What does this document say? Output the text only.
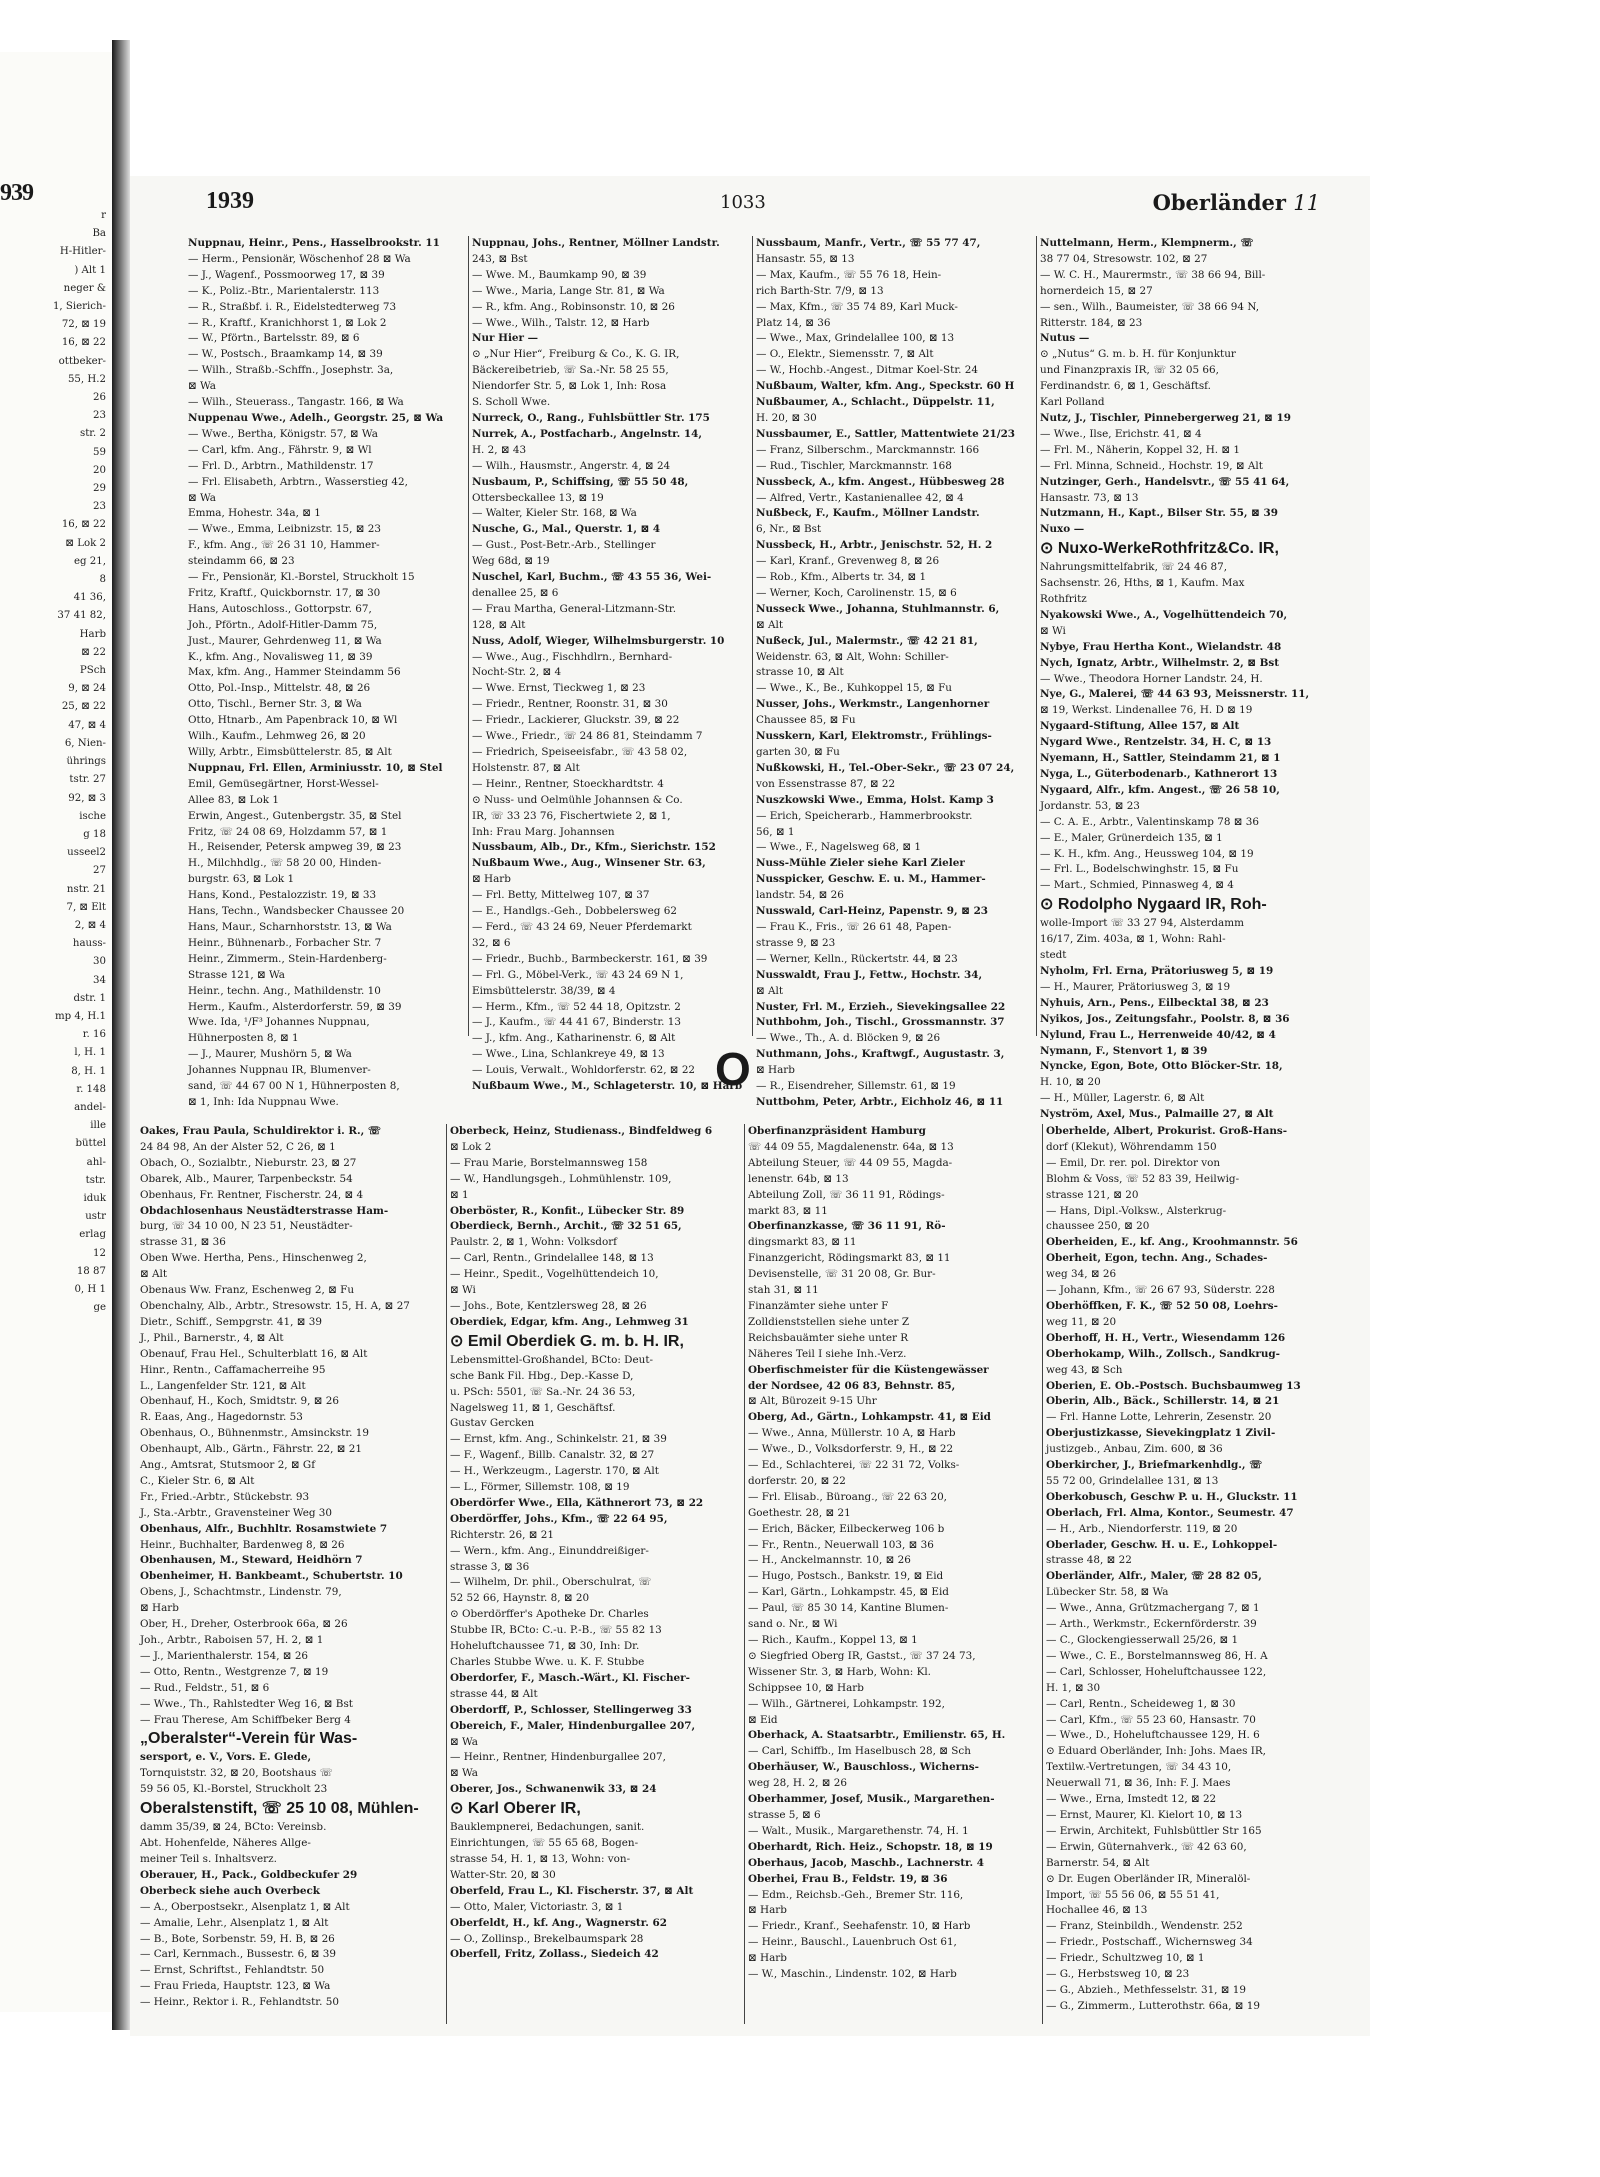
939
r
Ba
H-Hitler-
) Alt 1
neger &
1, Sierich-
72, ⊠ 19
16, ⊠ 22
ottbeker-
55, H.2
26
23
str. 2
59
20
29
23
16, ⊠ 22
⊠ Lok 2
eg 21,
8
41 36,
37 41 82,
Harb
⊠ 22
PSch
9, ⊠ 24
25, ⊠ 22
47, ⊠ 4
6, Nien-
ührings
tstr. 27
92, ⊠ 3
ische
g 18
usseel2
27
nstr. 21
7, ⊠ Elt
2, ⊠ 4
hauss-
30
34
dstr. 1
mp 4, H.1
r. 16
l, H. 1
8, H. 1
r. 148
andel-
ille
büttel
ahl-
tstr.
iduk
ustr
erlag
12
18 87
0, H 1
ge
1939	1033	Oberländer 11
Nuppnau, Heinr., Pens., Hasselbrookstr. 11
— Herm., Pensionär, Wöschenhof 28 ⊠ Wa
— J., Wagenf., Possmoorweg 17, ⊠ 39
— K., Poliz.-Btr., Marientalerstr. 113
— R., Straßbf. i. R., Eidelstedterweg 73
— R., Kraftf., Kranichhorst 1, ⊠ Lok 2
— W., Pförtn., Bartelsstr. 89, ⊠ 6
— W., Postsch., Braamkamp 14, ⊠ 39
— Wilh., Straßb.-Schffn., Josephstr. 3a,
⊠ Wa
— Wilh., Steuerass., Tangastr. 166, ⊠ Wa
Nuppenau Wwe., Adelh., Georgstr. 25, ⊠ Wa
— Wwe., Bertha, Königstr. 57, ⊠ Wa
— Carl, kfm. Ang., Fährstr. 9, ⊠ Wl
— Frl. D., Arbtrn., Mathildenstr. 17
— Frl. Elisabeth, Arbtrn., Wasserstieg 42,
⊠ Wa
Emma, Hohestr. 34a, ⊠ 1
— Wwe., Emma, Leibnizstr. 15, ⊠ 23
F., kfm. Ang., ☏ 26 31 10, Hammer-
steindamm 66, ⊠ 23
— Fr., Pensionär, Kl.-Borstel, Struckholt 15
Fritz, Kraftf., Quickbornstr. 17, ⊠ 30
Hans, Autoschloss., Gottorpstr. 67,
Joh., Pförtn., Adolf-Hitler-Damm 75,
Just., Maurer, Gehrdenweg 11, ⊠ Wa
K., kfm. Ang., Novalisweg 11, ⊠ 39
Max, kfm. Ang., Hammer Steindamm 56
Otto, Pol.-Insp., Mittelstr. 48, ⊠ 26
Otto, Tischl., Berner Str. 3, ⊠ Wa
Otto, Htnarb., Am Papenbrack 10, ⊠ Wl
Wilh., Kaufm., Lehmweg 26, ⊠ 20
Willy, Arbtr., Eimsbüttelerstr. 85, ⊠ Alt
Nuppnau, Frl. Ellen, Arminiusstr. 10, ⊠ Stel
Emil, Gemüsegärtner, Horst-Wessel-
Allee 83, ⊠ Lok 1
Erwin, Angest., Gutenbergstr. 35, ⊠ Stel
Fritz, ☏ 24 08 69, Holzdamm 57, ⊠ 1
H., Reisender, Petersk ampweg 39, ⊠ 23
H., Milchhdlg., ☏ 58 20 00, Hinden-
burgstr. 63, ⊠ Lok 1
Hans, Kond., Pestalozzistr. 19, ⊠ 33
Hans, Techn., Wandsbecker Chaussee 20
Hans, Maur., Scharnhorststr. 13, ⊠ Wa
Heinr., Bühnenarb., Forbacher Str. 7
Heinr., Zimmerm., Stein-Hardenberg-
Strasse 121, ⊠ Wa
Heinr., techn. Ang., Mathildenstr. 10
Herm., Kaufm., Alsterdorferstr. 59, ⊠ 39
Wwe. Ida, ¹/F³ Johannes Nuppnau,
Hühnerposten 8, ⊠ 1
— J., Maurer, Mushörn 5, ⊠ Wa
Johannes Nuppnau IR, Blumenver-
sand, ☏ 44 67 00 N 1, Hühnerposten 8,
⊠ 1, Inh: Ida Nuppnau Wwe.
Nuppnau, Johs., Rentner, Möllner Landstr.
243, ⊠ Bst
— Wwe. M., Baumkamp 90, ⊠ 39
— Wwe., Maria, Lange Str. 81, ⊠ Wa
— R., kfm. Ang., Robinsonstr. 10, ⊠ 26
— Wwe., Wilh., Talstr. 12, ⊠ Harb
Nur Hier —
⊙ „Nur Hier“, Freiburg & Co., K. G. IR,
Bäckereibetrieb, ☏ Sa.-Nr. 58 25 55,
Niendorfer Str. 5, ⊠ Lok 1, Inh: Rosa
S. Scholl Wwe.
Nurreck, O., Rang., Fuhlsbüttler Str. 175
Nurrek, A., Postfacharb., Angelnstr. 14,
H. 2, ⊠ 43
— Wilh., Hausmstr., Angerstr. 4, ⊠ 24
Nusbaum, P., Schiffsing, ☏ 55 50 48,
Ottersbeckallee 13, ⊠ 19
— Walter, Kieler Str. 168, ⊠ Wa
Nusche, G., Mal., Querstr. 1, ⊠ 4
— Gust., Post-Betr.-Arb., Stellinger
Weg 68d, ⊠ 19
Nuschel, Karl, Buchm., ☏ 43 55 36, Wei-
denallee 25, ⊠ 6
— Frau Martha, General-Litzmann-Str.
128, ⊠ Alt
Nuss, Adolf, Wieger, Wilhelmsburgerstr. 10
— Wwe., Aug., Fischhdlrn., Bernhard-
Nocht-Str. 2, ⊠ 4
— Wwe. Ernst, Tieckweg 1, ⊠ 23
— Friedr., Rentner, Roonstr. 31, ⊠ 30
— Friedr., Lackierer, Gluckstr. 39, ⊠ 22
— Wwe., Friedr., ☏ 24 86 81, Steindamm 7
— Friedrich, Speiseeisfabr., ☏ 43 58 02,
Holstenstr. 87, ⊠ Alt
— Heinr., Rentner, Stoeckhardtstr. 4
⊙ Nuss- und Oelmühle Johannsen & Co.
IR, ☏ 33 23 76, Fischertwiete 2, ⊠ 1,
Inh: Frau Marg. Johannsen
Nussbaum, Alb., Dr., Kfm., Sierichstr. 152
Nußbaum Wwe., Aug., Winsener Str. 63,
⊠ Harb
— Frl. Betty, Mittelweg 107, ⊠ 37
— E., Handlgs.-Geh., Dobbelersweg 62
— Ferd., ☏ 43 24 69, Neuer Pferdemarkt
32, ⊠ 6
— Friedr., Buchb., Barmbeckerstr. 161, ⊠ 39
— Frl. G., Möbel-Verk., ☏ 43 24 69 N 1,
Eimsbüttelerstr. 38/39, ⊠ 4
— Herm., Kfm., ☏ 52 44 18, Opitzstr. 2
— J., Kaufm., ☏ 44 41 67, Binderstr. 13
— J., kfm. Ang., Katharinenstr. 6, ⊠ Alt
— Wwe., Lina, Schlankreye 49, ⊠ 13
— Louis, Verwalt., Wohldorferstr. 62, ⊠ 22
Nußbaum Wwe., M., Schlageterstr. 10, ⊠ Harb
Nussbaum, Manfr., Vertr., ☏ 55 77 47,
Hansastr. 55, ⊠ 13
— Max, Kaufm., ☏ 55 76 18, Hein-
rich Barth-Str. 7/9, ⊠ 13
— Max, Kfm., ☏ 35 74 89, Karl Muck-
Platz 14, ⊠ 36
— Wwe., Max, Grindelallee 100, ⊠ 13
— O., Elektr., Siemensstr. 7, ⊠ Alt
— W., Hochb.-Angest., Ditmar Koel-Str. 24
Nußbaum, Walter, kfm. Ang., Speckstr. 60 H
Nußbaumer, A., Schlacht., Düppelstr. 11,
H. 20, ⊠ 30
Nussbaumer, E., Sattler, Mattentwiete 21/23
— Franz, Silberschm., Marckmannstr. 166
— Rud., Tischler, Marckmannstr. 168
Nussbeck, A., kfm. Angest., Hübbesweg 28
— Alfred, Vertr., Kastanienallee 42, ⊠ 4
Nußbeck, F., Kaufm., Möllner Landstr.
6, Nr., ⊠ Bst
Nussbeck, H., Arbtr., Jenischstr. 52, H. 2
— Karl, Kranf., Grevenweg 8, ⊠ 26
— Rob., Kfm., Alberts tr. 34, ⊠ 1
— Werner, Koch, Carolinenstr. 15, ⊠ 6
Nusseck Wwe., Johanna, Stuhlmannstr. 6,
⊠ Alt
Nußeck, Jul., Malermstr., ☏ 42 21 81,
Weidenstr. 63, ⊠ Alt, Wohn: Schiller-
strasse 10, ⊠ Alt
— Wwe., K., Be., Kuhkoppel 15, ⊠ Fu
Nusser, Johs., Werkmstr., Langenhorner
Chaussee 85, ⊠ Fu
Nusskern, Karl, Elektromstr., Frühlings-
garten 30, ⊠ Fu
Nußkowski, H., Tel.-Ober-Sekr., ☏ 23 07 24,
von Essenstrasse 87, ⊠ 22
Nuszkowski Wwe., Emma, Holst. Kamp 3
— Erich, Speicherarb., Hammerbrookstr.
56, ⊠ 1
— Wwe., F., Nagelsweg 68, ⊠ 1
Nuss-Mühle Zieler siehe Karl Zieler
Nusspicker, Geschw. E. u. M., Hammer-
landstr. 54, ⊠ 26
Nusswald, Carl-Heinz, Papenstr. 9, ⊠ 23
— Frau K., Fris., ☏ 26 61 48, Papen-
strasse 9, ⊠ 23
— Werner, Kelln., Rückertstr. 44, ⊠ 23
Nusswaldt, Frau J., Fettw., Hochstr. 34,
⊠ Alt
Nuster, Frl. M., Erzieh., Sievekingsallee 22
Nuthbohm, Joh., Tischl., Grossmannstr. 37
— Wwe., Th., A. d. Blöcken 9, ⊠ 26
Nuthmann, Johs., Kraftwgf., Augustastr. 3,
⊠ Harb
— R., Eisendreher, Sillemstr. 61, ⊠ 19
Nuttbohm, Peter, Arbtr., Eichholz 46, ⊠ 11
Nuttelmann, Herm., Klempnerm., ☏
38 77 04, Stresowstr. 102, ⊠ 27
— W. C. H., Maurermstr., ☏ 38 66 94, Bill-
hornerdeich 15, ⊠ 27
— sen., Wilh., Baumeister, ☏ 38 66 94 N,
Ritterstr. 184, ⊠ 23
Nutus —
⊙ „Nutus“ G. m. b. H. für Konjunktur
und Finanzpraxis IR, ☏ 32 05 66,
Ferdinandstr. 6, ⊠ 1, Geschäftsf.
Karl Polland
Nutz, J., Tischler, Pinnebergerweg 21, ⊠ 19
— Wwe., Ilse, Erichstr. 41, ⊠ 4
— Frl. M., Näherin, Koppel 32, H. ⊠ 1
— Frl. Minna, Schneid., Hochstr. 19, ⊠ Alt
Nutzinger, Gerh., Handelsvtr., ☏ 55 41 64,
Hansastr. 73, ⊠ 13
Nutzmann, H., Kapt., Bilser Str. 55, ⊠ 39
Nuxo —
⊙ Nuxo-WerkeRothfritz&Co. IR,
Nahrungsmittelfabrik, ☏ 24 46 87,
Sachsenstr. 26, Hths, ⊠ 1, Kaufm. Max
Rothfritz
Nyakowski Wwe., A., Vogelhüttendeich 70,
⊠ Wi
Nybye, Frau Hertha Kont., Wielandstr. 48
Nych, Ignatz, Arbtr., Wilhelmstr. 2, ⊠ Bst
— Wwe., Theodora Horner Landstr. 24, H.
Nye, G., Malerei, ☏ 44 63 93, Meissnerstr. 11,
⊠ 19, Werkst. Lindenallee 76, H. D ⊠ 19
Nygaard-Stiftung, Allee 157, ⊠ Alt
Nygard Wwe., Rentzelstr. 34, H. C, ⊠ 13
Nyemann, H., Sattler, Steindamm 21, ⊠ 1
Nyga, L., Güterbodenarb., Kathnerort 13
Nygaard, Alfr., kfm. Angest., ☏ 26 58 10,
Jordanstr. 53, ⊠ 23
— C. A. E., Arbtr., Valentinskamp 78 ⊠ 36
— E., Maler, Grünerdeich 135, ⊠ 1
— K. H., kfm. Ang., Heussweg 104, ⊠ 19
— Frl. L., Bodelschwinghstr. 15, ⊠ Fu
— Mart., Schmied, Pinnasweg 4, ⊠ 4
⊙ Rodolpho Nygaard IR, Roh-
wolle-Import ☏ 33 27 94, Alsterdamm
16/17, Zim. 403a, ⊠ 1, Wohn: Rahl-
stedt
Nyholm, Frl. Erna, Prätoriusweg 5, ⊠ 19
— H., Maurer, Prätoriusweg 3, ⊠ 19
Nyhuis, Arn., Pens., Eilbecktal 38, ⊠ 23
Nyikos, Jos., Zeitungsfahr., Poolstr. 8, ⊠ 36
Nylund, Frau L., Herrenweide 40/42, ⊠ 4
Nymann, F., Stenvort 1, ⊠ 39
Nyncke, Egon, Bote, Otto Blöcker-Str. 18,
H. 10, ⊠ 20
— H., Müller, Lagerstr. 6, ⊠ Alt
Nyström, Axel, Mus., Palmaille 27, ⊠ Alt
O
Oakes, Frau Paula, Schuldirektor i. R., ☏
24 84 98, An der Alster 52, C 26, ⊠ 1
Obach, O., Sozialbtr., Nieburstr. 23, ⊠ 27
Obarek, Alb., Maurer, Tarpenbeckstr. 54
Obenhaus, Fr. Rentner, Fischerstr. 24, ⊠ 4
Obdachlosenhaus Neustädterstrasse Ham-
burg, ☏ 34 10 00, N 23 51, Neustädter-
strasse 31, ⊠ 36
Oben Wwe. Hertha, Pens., Hinschenweg 2,
⊠ Alt
Obenaus Ww. Franz, Eschenweg 2, ⊠ Fu
Obenchalny, Alb., Arbtr., Stresowstr. 15, H. A, ⊠ 27
Dietr., Schiff., Sempgrstr. 41, ⊠ 39
J., Phil., Barnerstr., 4, ⊠ Alt
Obenauf, Frau Hel., Schulterblatt 16, ⊠ Alt
Hinr., Rentn., Caffamacherreihe 95
L., Langenfelder Str. 121, ⊠ Alt
Obenhauf, H., Koch, Smidtstr. 9, ⊠ 26
R. Eaas, Ang., Hagedornstr. 53
Obenhaus, O., Bühnenmstr., Amsinckstr. 19
Obenhaupt, Alb., Gärtn., Fährstr. 22, ⊠ 21
Ang., Amtsrat, Stutsmoor 2, ⊠ Gf
C., Kieler Str. 6, ⊠ Alt
Fr., Fried.-Arbtr., Stückebstr. 93
J., Sta.-Arbtr., Gravensteiner Weg 30
Obenhaus, Alfr., Buchhltr. Rosamstwiete 7
Heinr., Buchhalter, Bardenweg 8, ⊠ 26
Obenhausen, M., Steward, Heidhörn 7
Obenheimer, H. Bankbeamt., Schubertstr. 10
Obens, J., Schachtmstr., Lindenstr. 79,
⊠ Harb
Ober, H., Dreher, Osterbrook 66a, ⊠ 26
Joh., Arbtr., Raboisen 57, H. 2, ⊠ 1
— J., Marienthalerstr. 154, ⊠ 26
— Otto, Rentn., Westgrenze 7, ⊠ 19
— Rud., Feldstr., 51, ⊠ 6
— Wwe., Th., Rahlstedter Weg 16, ⊠ Bst
— Frau Therese, Am Schiffbeker Berg 4
„Oberalster“-Verein für Was-
sersport, e. V., Vors. E. Glede,
Tornquiststr. 32, ⊠ 20, Bootshaus ☏
59 56 05, Kl.-Borstel, Struckholt 23
Oberalstenstift, ☏ 25 10 08, Mühlen-
damm 35/39, ⊠ 24, BCto: Vereinsb.
Abt. Hohenfelde, Näheres Allge-
meiner Teil s. Inhaltsverz.
Oberauer, H., Pack., Goldbeckufer 29
Oberbeck siehe auch Overbeck
— A., Oberpostsekr., Alsenplatz 1, ⊠ Alt
— Amalie, Lehr., Alsenplatz 1, ⊠ Alt
— B., Bote, Sorbenstr. 59, H. B, ⊠ 26
— Carl, Kernmach., Bussestr. 6, ⊠ 39
— Ernst, Schriftst., Fehlandtstr. 50
— Frau Frieda, Hauptstr. 123, ⊠ Wa
— Heinr., Rektor i. R., Fehlandtstr. 50
Oberbeck, Heinz, Studienass., Bindfeldweg 6
⊠ Lok 2
— Frau Marie, Borstelmannsweg 158
— W., Handlungsgeh., Lohmühlenstr. 109,
⊠ 1
Oberböster, R., Konfit., Lübecker Str. 89
Oberdieck, Bernh., Archit., ☏ 32 51 65,
Paulstr. 2, ⊠ 1, Wohn: Volksdorf
— Carl, Rentn., Grindelallee 148, ⊠ 13
— Heinr., Spedit., Vogelhüttendeich 10,
⊠ Wi
— Johs., Bote, Kentzlersweg 28, ⊠ 26
Oberdiek, Edgar, kfm. Ang., Lehmweg 31
⊙ Emil Oberdiek G. m. b. H. IR,
Lebensmittel-Großhandel, BCto: Deut-
sche Bank Fil. Hbg., Dep.-Kasse D,
u. PSch: 5501, ☏ Sa.-Nr. 24 36 53,
Nagelsweg 11, ⊠ 1, Geschäftsf.
Gustav Gercken
— Ernst, kfm. Ang., Schinkelstr. 21, ⊠ 39
— F., Wagenf., Billb. Canalstr. 32, ⊠ 27
— H., Werkzeugm., Lagerstr. 170, ⊠ Alt
— L., Förmer, Sillemstr. 108, ⊠ 19
Oberdörfer Wwe., Ella, Käthnerort 73, ⊠ 22
Oberdörffer, Johs., Kfm., ☏ 22 64 95,
Richterstr. 26, ⊠ 21
— Wern., kfm. Ang., Einunddreißiger-
strasse 3, ⊠ 36
— Wilhelm, Dr. phil., Oberschulrat, ☏
52 52 66, Haynstr. 8, ⊠ 20
⊙ Oberdörffer's Apotheke Dr. Charles
Stubbe IR, BCto: C.-u. P.-B., ☏ 55 82 13
Hoheluftchaussee 71, ⊠ 30, Inh: Dr.
Charles Stubbe Wwe. u. K. F. Stubbe
Oberdorfer, F., Masch.-Wärt., Kl. Fischer-
strasse 44, ⊠ Alt
Oberdorff, P., Schlosser, Stellingerweg 33
Obereich, F., Maler, Hindenburgallee 207,
⊠ Wa
— Heinr., Rentner, Hindenburgallee 207,
⊠ Wa
Oberer, Jos., Schwanenwik 33, ⊠ 24
⊙ Karl Oberer IR,
Bauklempnerei, Bedachungen, sanit.
Einrichtungen, ☏ 55 65 68, Bogen-
strasse 54, H. 1, ⊠ 13, Wohn: von-
Watter-Str. 20, ⊠ 30
Oberfeld, Frau L., Kl. Fischerstr. 37, ⊠ Alt
— Otto, Maler, Victoriastr. 3, ⊠ 1
Oberfeldt, H., kf. Ang., Wagnerstr. 62
— O., Zollinsp., Brekelbaumspark 28
Oberfell, Fritz, Zollass., Siedeich 42
Oberfinanzpräsident Hamburg
☏ 44 09 55, Magdalenenstr. 64a, ⊠ 13
Abteilung Steuer, ☏ 44 09 55, Magda-
lenenstr. 64b, ⊠ 13
Abteilung Zoll, ☏ 36 11 91, Rödings-
markt 83, ⊠ 11
Oberfinanzkasse, ☏ 36 11 91, Rö-
dingsmarkt 83, ⊠ 11
Finanzgericht, Rödingsmarkt 83, ⊠ 11
Devisenstelle, ☏ 31 20 08, Gr. Bur-
stah 31, ⊠ 11
Finanzämter siehe unter F
Zolldienststellen siehe unter Z
Reichsbauämter siehe unter R
Näheres Teil I siehe Inh.-Verz.
Oberfischmeister für die Küstengewässer
der Nordsee, 42 06 83, Behnstr. 85,
⊠ Alt, Bürozeit 9-15 Uhr
Oberg, Ad., Gärtn., Lohkampstr. 41, ⊠ Eid
— Wwe., Anna, Müllerstr. 10 A, ⊠ Harb
— Wwe., D., Volksdorferstr. 9, H., ⊠ 22
— Ed., Schlachterei, ☏ 22 31 72, Volks-
dorferstr. 20, ⊠ 22
— Frl. Elisab., Büroang., ☏ 22 63 20,
Goethestr. 28, ⊠ 21
— Erich, Bäcker, Eilbeckerweg 106 b
— Fr., Rentn., Neuerwall 103, ⊠ 36
— H., Anckelmannstr. 10, ⊠ 26
— Hugo, Postsch., Bankstr. 19, ⊠ Eid
— Karl, Gärtn., Lohkampstr. 45, ⊠ Eid
— Paul, ☏ 85 30 14, Kantine Blumen-
sand o. Nr., ⊠ Wi
— Rich., Kaufm., Koppel 13, ⊠ 1
⊙ Siegfried Oberg IR, Gastst., ☏ 37 24 73,
Wissener Str. 3, ⊠ Harb, Wohn: Kl.
Schippsee 10, ⊠ Harb
— Wilh., Gärtnerei, Lohkampstr. 192,
⊠ Eid
Oberhack, A. Staatsarbtr., Emilienstr. 65, H.
— Carl, Schiffb., Im Haselbusch 28, ⊠ Sch
Oberhäuser, W., Bauschloss., Wicherns-
weg 28, H. 2, ⊠ 26
Oberhammer, Josef, Musik., Margarethen-
strasse 5, ⊠ 6
— Walt., Musik., Margarethenstr. 74, H. 1
Oberhardt, Rich. Heiz., Schopstr. 18, ⊠ 19
Oberhaus, Jacob, Maschb., Lachnerstr. 4
Oberhei, Frau B., Feldstr. 19, ⊠ 36
— Edm., Reichsb.-Geh., Bremer Str. 116,
⊠ Harb
— Friedr., Kranf., Seehafenstr. 10, ⊠ Harb
— Heinr., Bauschl., Lauenbruch Ost 61,
⊠ Harb
— W., Maschin., Lindenstr. 102, ⊠ Harb
Oberhelde, Albert, Prokurist. Groß-Hans-
dorf (Klekut), Wöhrendamm 150
— Emil, Dr. rer. pol. Direktor von
Blohm & Voss, ☏ 52 83 39, Heilwig-
strasse 121, ⊠ 20
— Hans, Dipl.-Volksw., Alsterkrug-
chaussee 250, ⊠ 20
Oberheiden, E., kf. Ang., Kroohmannstr. 56
Oberheit, Egon, techn. Ang., Schades-
weg 34, ⊠ 26
— Johann, Kfm., ☏ 26 67 93, Süderstr. 228
Oberhöffken, F. K., ☏ 52 50 08, Loehrs-
weg 11, ⊠ 20
Oberhoff, H. H., Vertr., Wiesendamm 126
Oberhokamp, Wilh., Zollsch., Sandkrug-
weg 43, ⊠ Sch
Oberien, E. Ob.-Postsch. Buchsbaumweg 13
Oberin, Alb., Bäck., Schillerstr. 14, ⊠ 21
— Frl. Hanne Lotte, Lehrerin, Zesenstr. 20
Oberjustizkasse, Sievekingplatz 1 Zivil-
justizgeb., Anbau, Zim. 600, ⊠ 36
Oberkircher, J., Briefmarkenhdlg., ☏
55 72 00, Grindelallee 131, ⊠ 13
Oberkobusch, Geschw P. u. H., Gluckstr. 11
Oberlach, Frl. Alma, Kontor., Seumestr. 47
— H., Arb., Niendorferstr. 119, ⊠ 20
Oberlader, Geschw. H. u. E., Lohkoppel-
strasse 48, ⊠ 22
Oberländer, Alfr., Maler, ☏ 28 82 05,
Lübecker Str. 58, ⊠ Wa
— Wwe., Anna, Grützmachergang 7, ⊠ 1
— Arth., Werkmstr., Eckernförderstr. 39
— C., Glockengiesserwall 25/26, ⊠ 1
— Wwe., C. E., Borstelmannsweg 86, H. A
— Carl, Schlosser, Hoheluftchaussee 122,
H. 1, ⊠ 30
— Carl, Rentn., Scheideweg 1, ⊠ 30
— Carl, Kfm., ☏ 55 23 60, Hansastr. 70
— Wwe., D., Hoheluftchaussee 129, H. 6
⊙ Eduard Oberländer, Inh: Johs. Maes IR,
Textilw.-Vertretungen, ☏ 34 43 10,
Neuerwall 71, ⊠ 36, Inh: F. J. Maes
— Wwe., Erna, Imstedt 12, ⊠ 22
— Ernst, Maurer, Kl. Kielort 10, ⊠ 13
— Erwin, Architekt, Fuhlsbüttler Str 165
— Erwin, Güternahverk., ☏ 42 63 60,
Barnerstr. 54, ⊠ Alt
⊙ Dr. Eugen Oberländer IR, Mineralöl-
Import, ☏ 55 56 06, ⊠ 55 51 41,
Hochallee 46, ⊠ 13
— Franz, Steinbildh., Wendenstr. 252
— Friedr., Postschaff., Wichernsweg 34
— Friedr., Schultzweg 10, ⊠ 1
— G., Herbstsweg 10, ⊠ 23
— G., Abzieh., Methfesselstr. 31, ⊠ 19
— G., Zimmerm., Lutterothstr. 66a, ⊠ 19
